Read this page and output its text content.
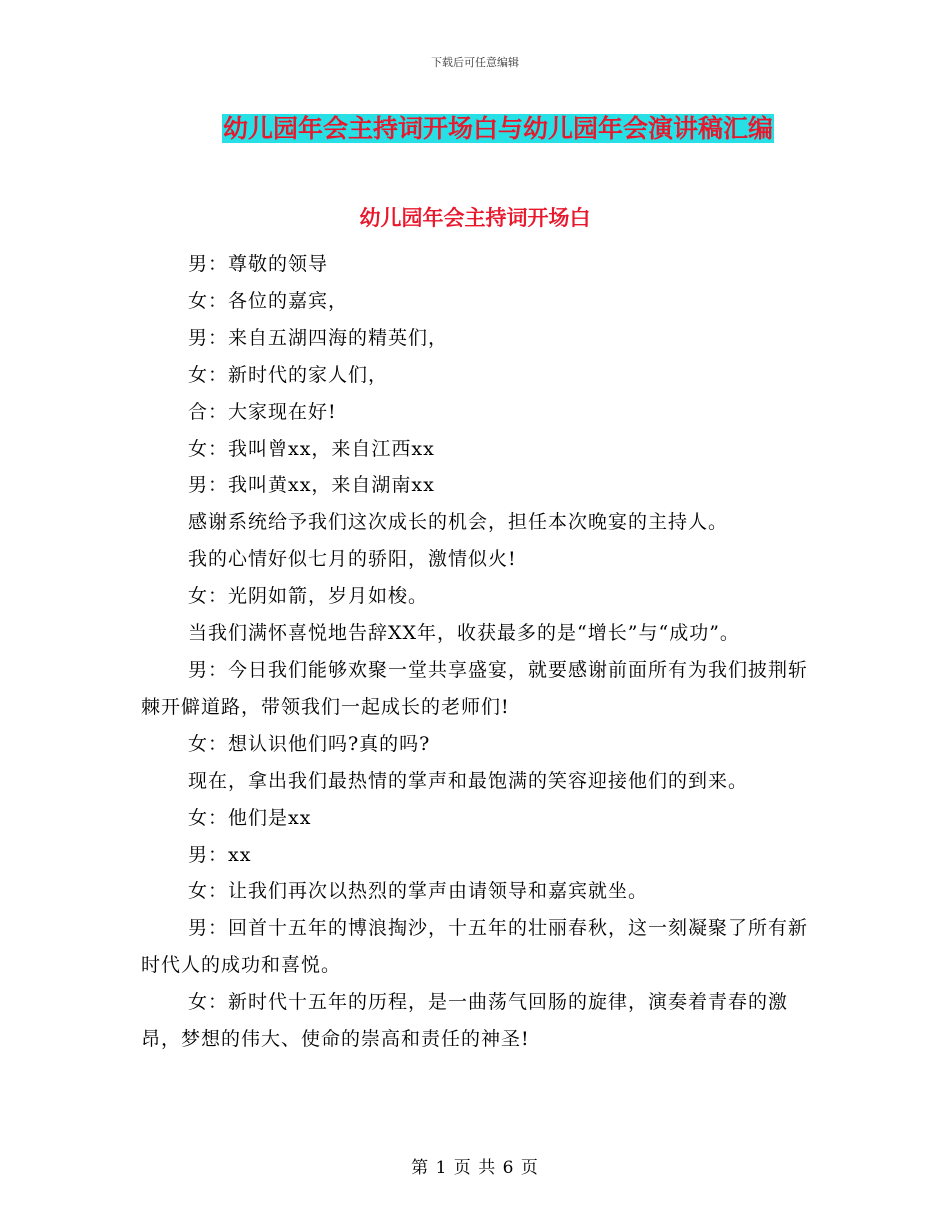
下载后可任意编辑
幼儿园年会主持词开场白与幼儿园年会演讲稿汇编
幼儿园年会主持词开场白

男：尊敬的领导

女：各位的嘉宾，

男：来自五湖四海的精英们，

女：新时代的家人们，

合：大家现在好!

女：我叫曾xx，来自江西xx

男：我叫黄xx，来自湖南xx

感谢系统给予我们这次成长的机会，担任本次晚宴的主持人。

我的心情好似七月的骄阳，激情似火!

女：光阴如箭，岁月如梭。

当我们满怀喜悦地告辞XX年，收获最多的是“增长”与“成功”。

男：今日我们能够欢聚一堂共享盛宴，就要感谢前面所有为我们披荆斩棘开僻道路，带领我们一起成长的老师们!

女：想认识他们吗?真的吗?

现在，拿出我们最热情的掌声和最饱满的笑容迎接他们的到来。

女：他们是xx

男：xx

女：让我们再次以热烈的掌声由请领导和嘉宾就坐。

男：回首十五年的博浪掏沙，十五年的壮丽春秋，这一刻凝聚了所有新时代人的成功和喜悦。

女：新时代十五年的历程，是一曲荡气回肠的旋律，演奏着青春的激昂，梦想的伟大、使命的崇高和责任的神圣!

第 1 页 共 6 页
